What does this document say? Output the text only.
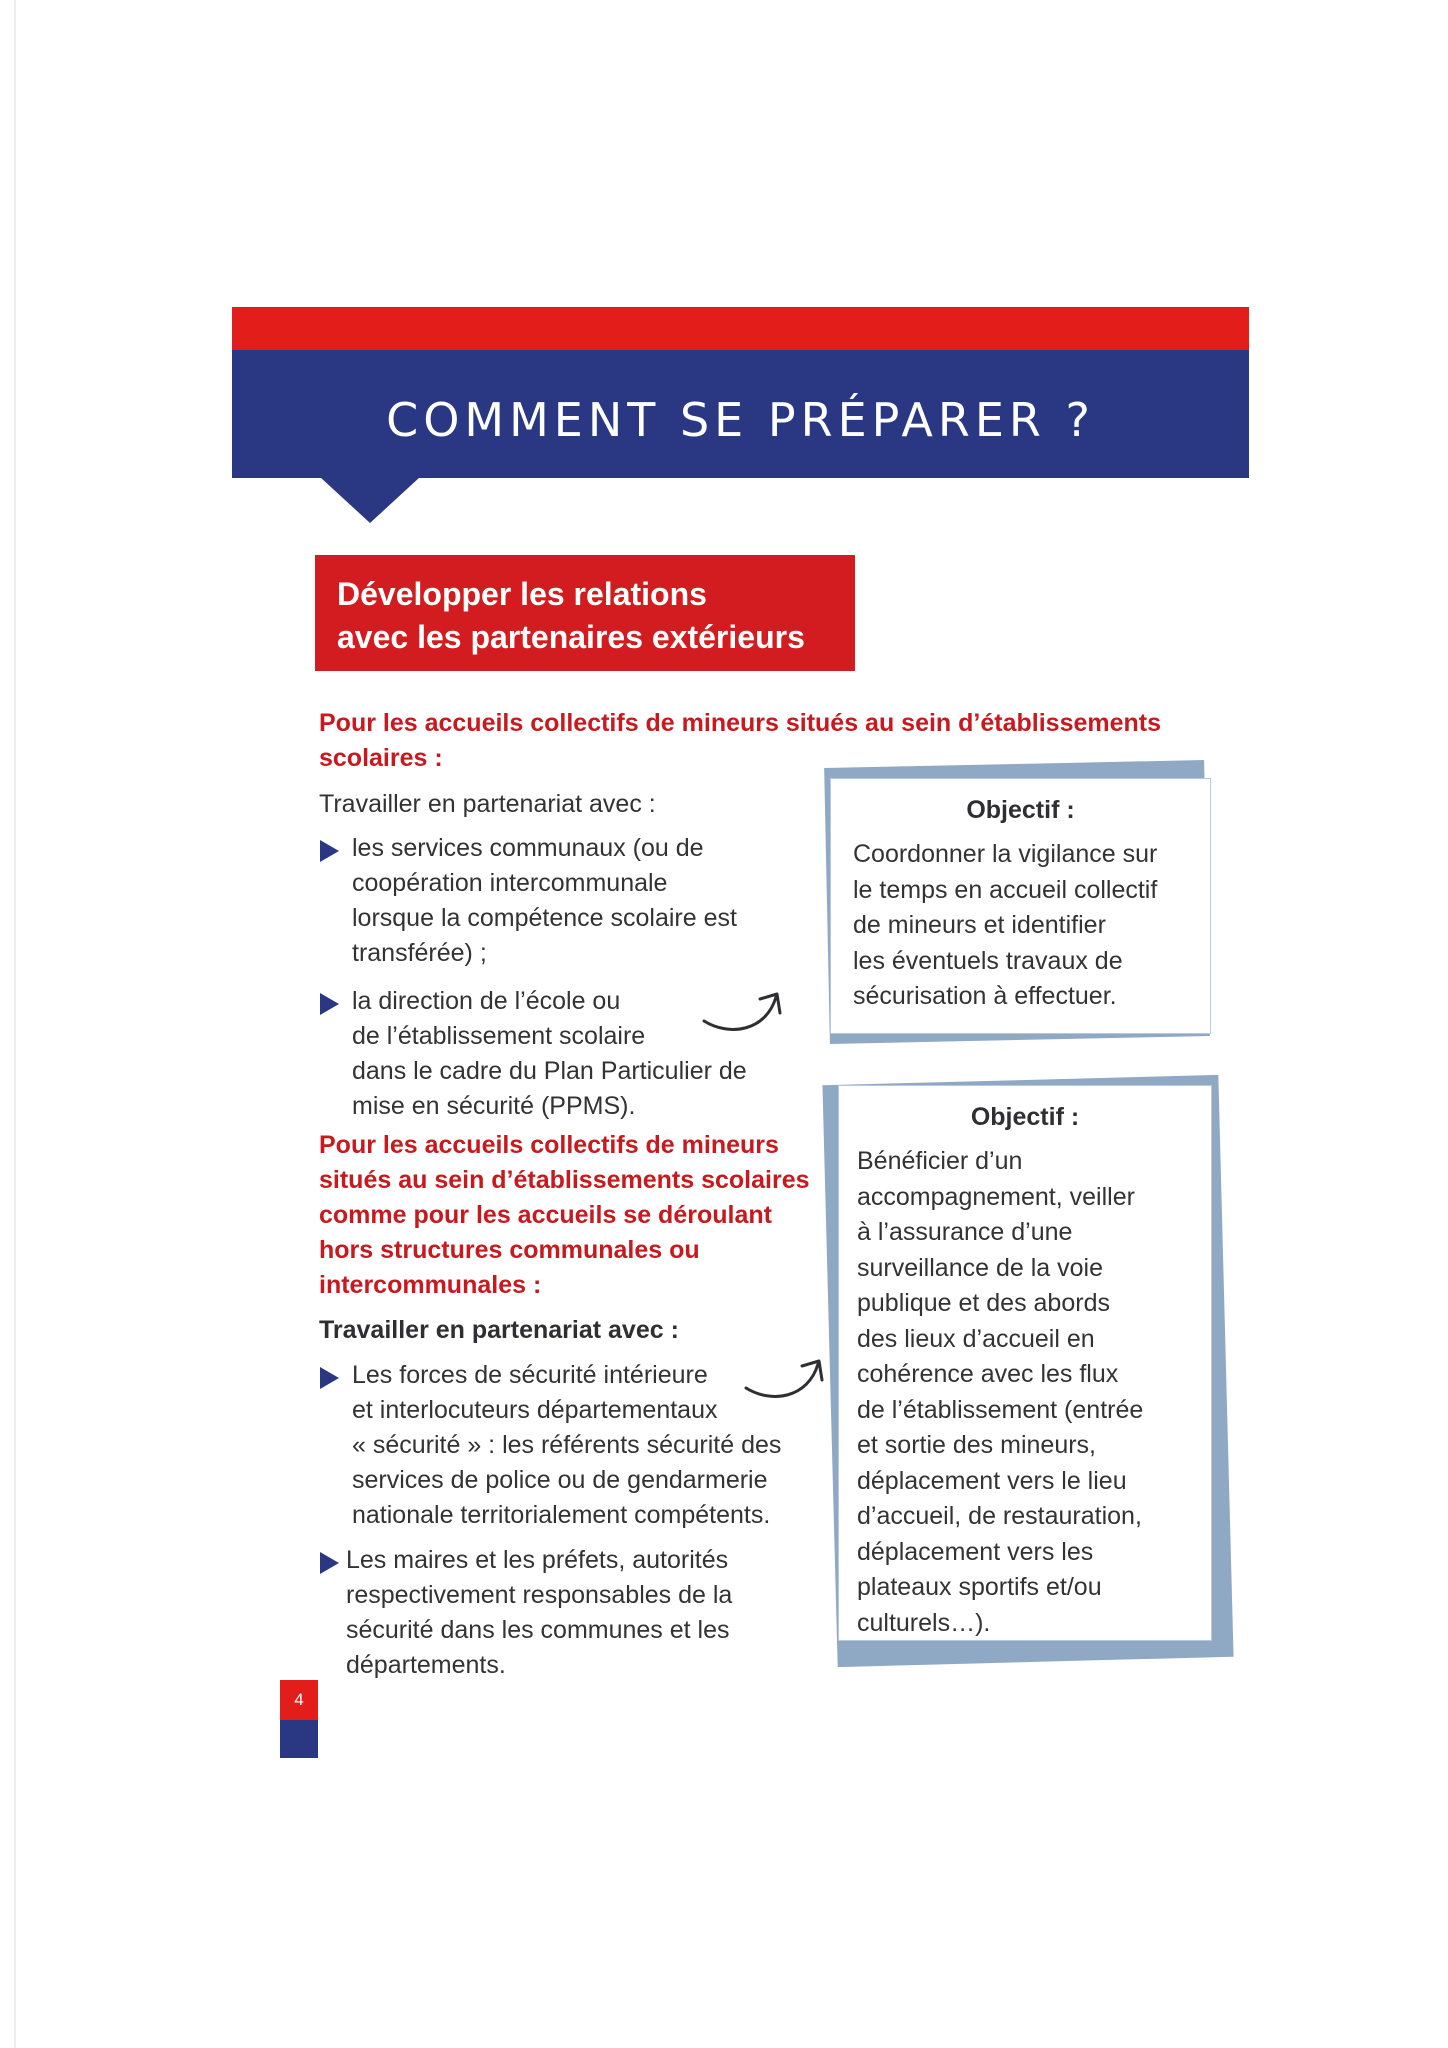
COMMENT SE PRÉPARER ?
Développer les relations
avec les partenaires extérieurs
Pour les accueils collectifs de mineurs situés au sein d’établissements
scolaires :
Travailler en partenariat avec :
les services communaux (ou de
coopération intercommunale
lorsque la compétence scolaire est
transférée) ;
la direction de l’école ou
de l’établissement scolaire
dans le cadre du Plan Particulier de
mise en sécurité (PPMS).
Pour les accueils collectifs de mineurs
situés au sein d’établissements scolaires
comme pour les accueils se déroulant
hors structures communales ou
intercommunales :
Travailler en partenariat avec :
Les forces de sécurité intérieure
et interlocuteurs départementaux
« sécurité » : les référents sécurité des
services de police ou de gendarmerie
nationale territorialement compétents.
Les maires et les préfets, autorités
respectivement responsables de la
sécurité dans les communes et les
départements.
Objectif :
Coordonner la vigilance sur
le temps en accueil collectif
de mineurs et identifier
les éventuels travaux de
sécurisation à effectuer.
Objectif :
Bénéficier d’un
accompagnement, veiller
à l’assurance d’une
surveillance de la voie
publique et des abords
des lieux d’accueil en
cohérence avec les flux
de l’établissement (entrée
et sortie des mineurs,
déplacement vers le lieu
d’accueil, de restauration,
déplacement vers les
plateaux sportifs et/ou
culturels…).
4
